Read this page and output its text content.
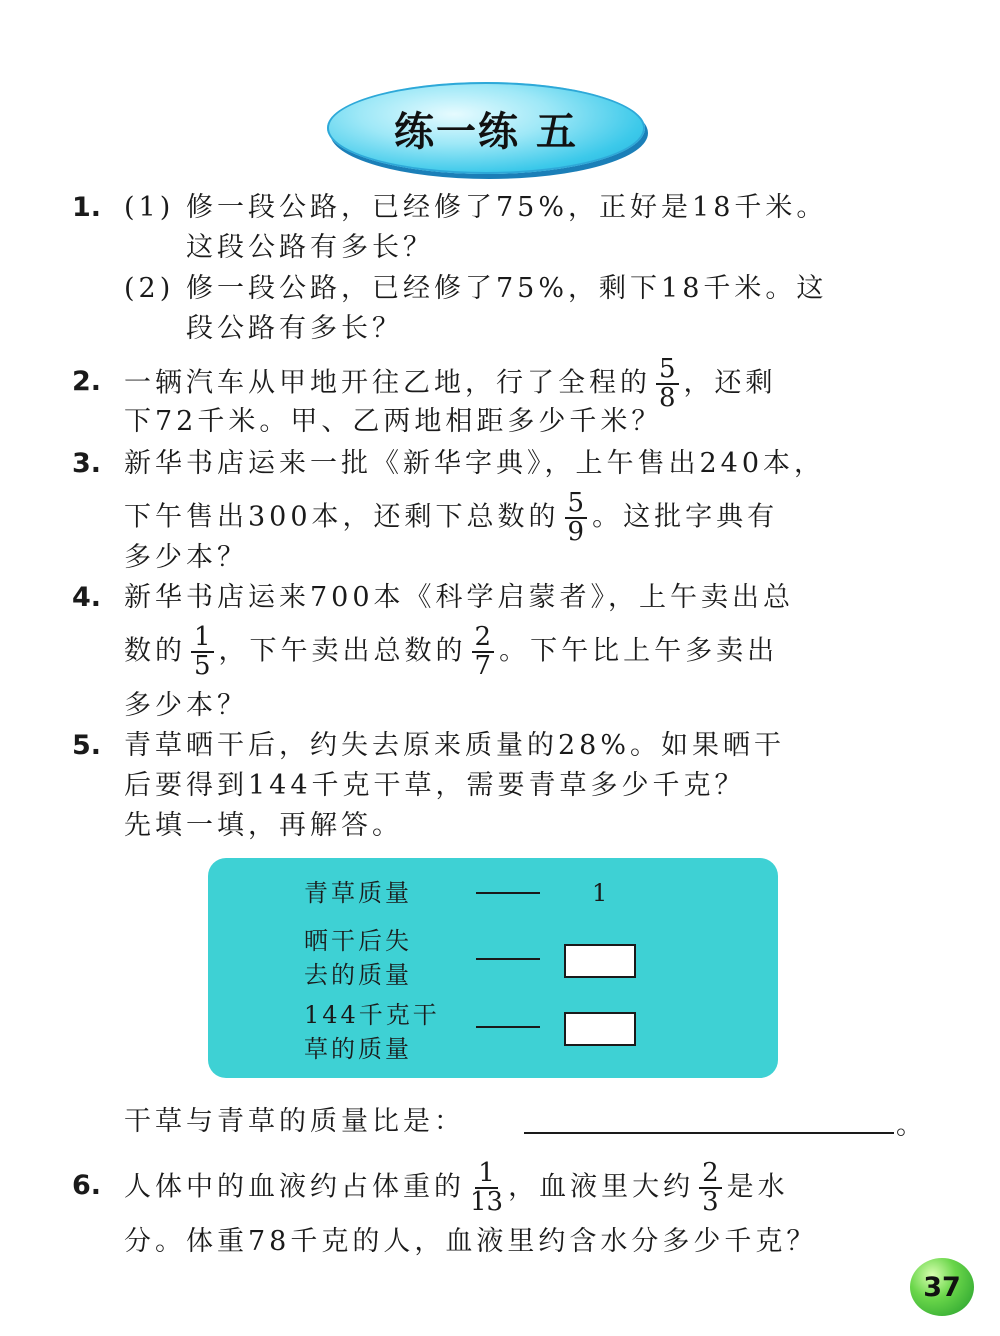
练一练 五
1. (1) 修一段公路，已经修了75%，正好是18千米。
这段公路有多长？
(2) 修一段公路，已经修了75%，剩下18千米。这
段公路有多长？
2. 一辆汽车从甲地开往乙地，行了全程的 $\frac{5}{8}$ ，还剩
下72千米。甲、乙两地相距多少千米？
3. 新华书店运来一批《新华字典》，上午售出240本，
下午售出300本，还剩下总数的 $\frac{5}{9}$ 。这批字典有
多少本？
4. 新华书店运来700本《科学启蒙者》，上午卖出总
数的 $\frac{1}{5}$ ，下午卖出总数的 $\frac{2}{7}$ 。下午比上午多卖出
多少本？
5. 青草晒干后，约失去原来质量的28%。如果晒干
后要得到144千克干草，需要青草多少千克？
先填一填，再解答。
青草质量	1
晒干后失
去的质量
144千克干
草的质量
干草与青草的质量比是：	。
6. 人体中的血液约占体重的 $\frac{1}{13}$ ，血液里大约 $\frac{2}{3}$ 是水
分。体重78千克的人，血液里约含水分多少千克？
37
